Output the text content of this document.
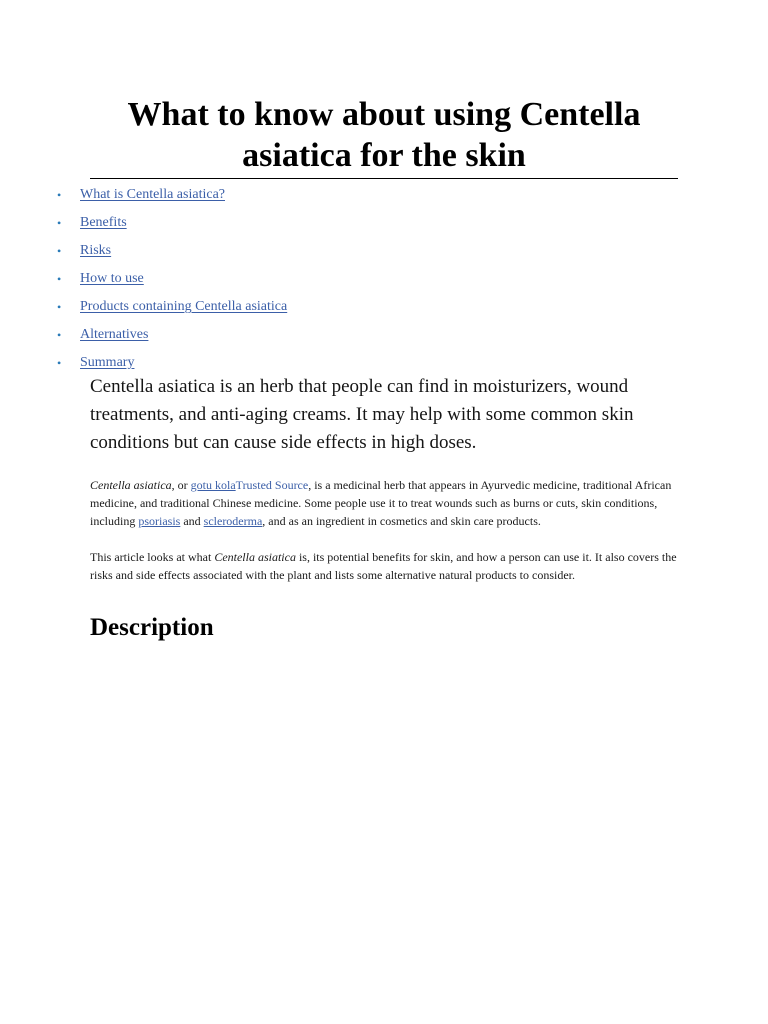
What to know about using Centella asiatica for the skin
• What is Centella asiatica?
• Benefits
• Risks
• How to use
• Products containing Centella asiatica
• Alternatives
• Summary

Centella asiatica is an herb that people can find in moisturizers, wound treatments, and anti-aging creams. It may help with some common skin conditions but can cause side effects in high doses.

Centella asiatica, or gotu kolaTrusted Source, is a medicinal herb that appears in Ayurvedic medicine, traditional African medicine, and traditional Chinese medicine. Some people use it to treat wounds such as burns or cuts, skin conditions, including psoriasis and scleroderma, and as an ingredient in cosmetics and skin care products.

This article looks at what Centella asiatica is, its potential benefits for skin, and how a person can use it. It also covers the risks and side effects associated with the plant and lists some alternative natural products to consider.

Description
